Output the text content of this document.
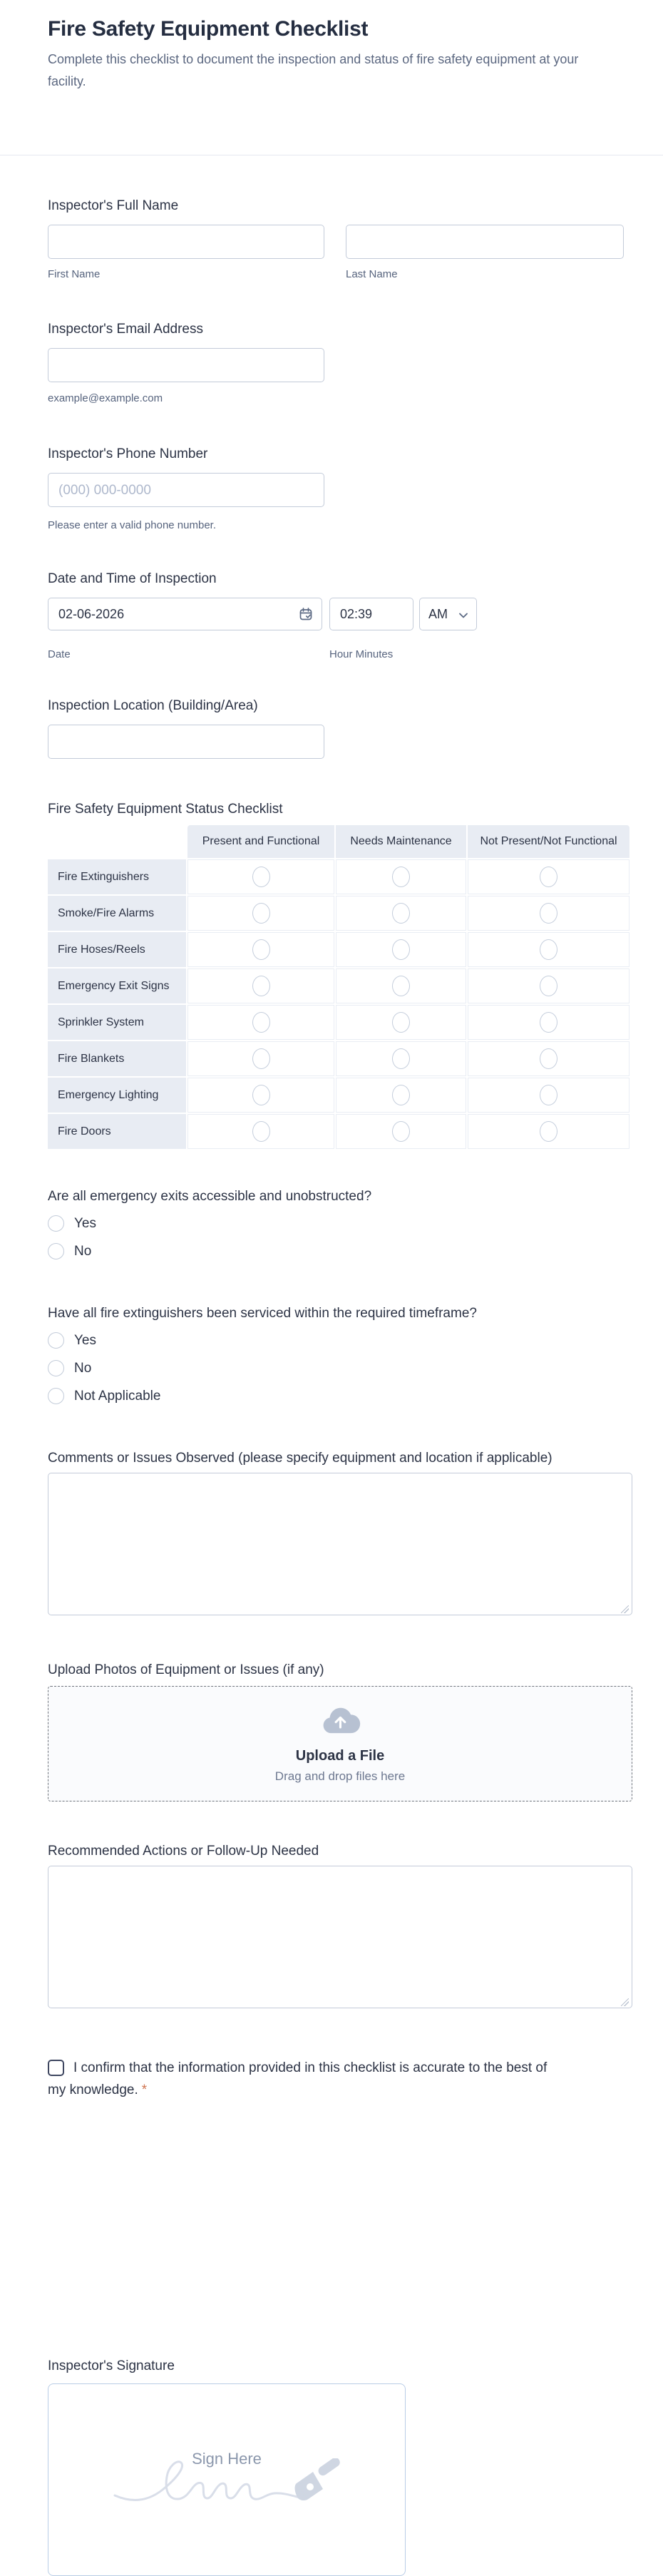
Fire Safety Equipment Checklist
Complete this checklist to document the inspection and status of fire safety equipment at your facility.
Inspector's Full Name
First Name	Last Name
Inspector's Email Address
example@example.com
Inspector's Phone Number
(000) 000-0000
Please enter a valid phone number.
Date and Time of Inspection
02-06-2026
02:39
AM
Date	Hour Minutes
Inspection Location (Building/Area)
Fire Safety Equipment Status Checklist
Present and Functional	Needs Maintenance	Not Present/Not Functional
Fire Extinguishers
Smoke/Fire Alarms
Fire Hoses/Reels
Emergency Exit Signs
Sprinkler System
Fire Blankets
Emergency Lighting
Fire Doors
Are all emergency exits accessible and unobstructed?
Yes
No
Have all fire extinguishers been serviced within the required timeframe?
Yes
No
Not Applicable
Comments or Issues Observed (please specify equipment and location if applicable)
Upload Photos of Equipment or Issues (if any)
Upload a File
Drag and drop files here
Recommended Actions or Follow-Up Needed
I confirm that the information provided in this checklist is accurate to the best of my knowledge. *
Inspector's Signature
Sign Here
